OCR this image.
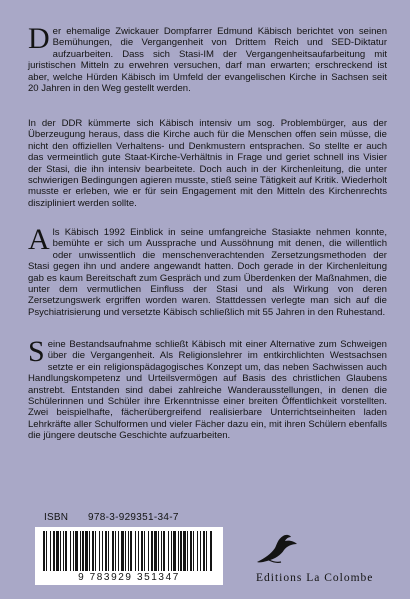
Der ehemalige Zwickauer Dompfarrer Edmund Käbisch berichtet von seinen Bemühungen, die Vergangenheit von Drittem Reich und SED-Diktatur aufzuarbeiten. Dass sich Stasi-IM der Vergangenheitsaufarbeitung mit juristischen Mitteln zu erwehren versuchen, darf man erwarten; erschreckend ist aber, welche Hürden Käbisch im Umfeld der evangelischen Kirche in Sachsen seit 20 Jahren in den Weg gestellt werden.

In der DDR kümmerte sich Käbisch intensiv um sog. Problembürger, aus der Überzeugung heraus, dass die Kirche auch für die Menschen offen sein müsse, die nicht den offiziellen Verhaltens- und Denkmustern entsprachen. So stellte er auch das vermeintlich gute Staat-Kirche-Verhältnis in Frage und geriet schnell ins Visier der Stasi, die ihn intensiv bearbeitete. Doch auch in der Kirchenleitung, die unter schwierigen Bedingungen agieren musste, stieß seine Tätigkeit auf Kritik. Wiederholt musste er erleben, wie er für sein Engagement mit den Mitteln des Kirchenrechts diszipliniert werden sollte.

Als Käbisch 1992 Einblick in seine umfangreiche Stasiakte nehmen konnte, bemühte er sich um Aussprache und Aussöhnung mit denen, die willentlich oder unwissentlich die menschenverachtenden Zersetzungsmethoden der Stasi gegen ihn und andere angewandt hatten. Doch gerade in der Kirchenleitung gab es kaum Bereitschaft zum Gespräch und zum Überdenken der Maßnahmen, die unter dem vermutlichen Einfluss der Stasi und als Wirkung von deren Zersetzungswerk ergriffen worden waren. Stattdessen verlegte man sich auf die Psychiatrisierung und versetzte Käbisch schließlich mit 55 Jahren in den Ruhestand.

Seine Bestandsaufnahme schließt Käbisch mit einer Alternative zum Schweigen über die Vergangenheit. Als Religionslehrer im entkirchlichten Westsachsen setzte er ein religionspädagogisches Konzept um, das neben Sachwissen auch Handlungskompetenz und Urteilsvermögen auf Basis des christlichen Glaubens anstrebt. Entstanden sind dabei zahlreiche Wanderausstellungen, in denen die Schülerinnen und Schüler ihre Erkenntnisse einer breiten Öffentlichkeit vorstellten. Zwei beispielhafte, fächerübergreifend realisierbare Unterrichtseinheiten laden Lehrkräfte aller Schulformen und vieler Fächer dazu ein, mit ihren Schülern ebenfalls die jüngere deutsche Geschichte aufzuarbeiten.

ISBN 978-3-929351-34-7
9 783929 351347	Editions La Colombe
